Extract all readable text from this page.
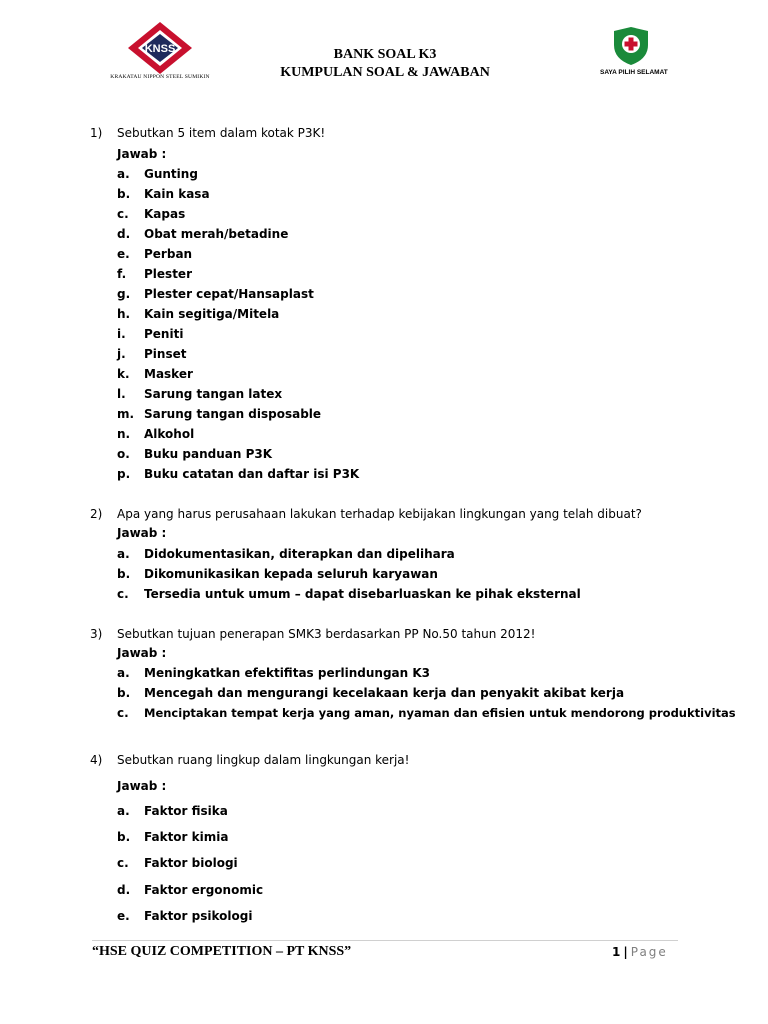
KNSS
KRAKATAU NIPPON STEEL SUMIKIN
BANK SOAL K3
KUMPULAN SOAL & JAWABAN	SAYA PILIH SELAMAT
1) Sebutkan 5 item dalam kotak P3K!
Jawab :
a. Gunting
b. Kain kasa
c. Kapas
d. Obat merah/betadine
e. Perban
f. Plester
g. Plester cepat/Hansaplast
h. Kain segitiga/Mitela
i. Peniti
j. Pinset
k. Masker
l. Sarung tangan latex
m. Sarung tangan disposable
n. Alkohol
o. Buku panduan P3K
p. Buku catatan dan daftar isi P3K
2) Apa yang harus perusahaan lakukan terhadap kebijakan lingkungan yang telah dibuat?
Jawab :
a. Didokumentasikan, diterapkan dan dipelihara
b. Dikomunikasikan kepada seluruh karyawan
c. Tersedia untuk umum – dapat disebarluaskan ke pihak eksternal
3) Sebutkan tujuan penerapan SMK3 berdasarkan PP No.50 tahun 2012!
Jawab :
a. Meningkatkan efektifitas perlindungan K3
b. Mencegah dan mengurangi kecelakaan kerja dan penyakit akibat kerja
c. Menciptakan tempat kerja yang aman, nyaman dan efisien untuk mendorong produktivitas
4) Sebutkan ruang lingkup dalam lingkungan kerja!
Jawab :
a. Faktor fisika
b. Faktor kimia
c. Faktor biologi
d. Faktor ergonomic
e. Faktor psikologi
“HSE QUIZ COMPETITION – PT KNSS”	1 | Page
